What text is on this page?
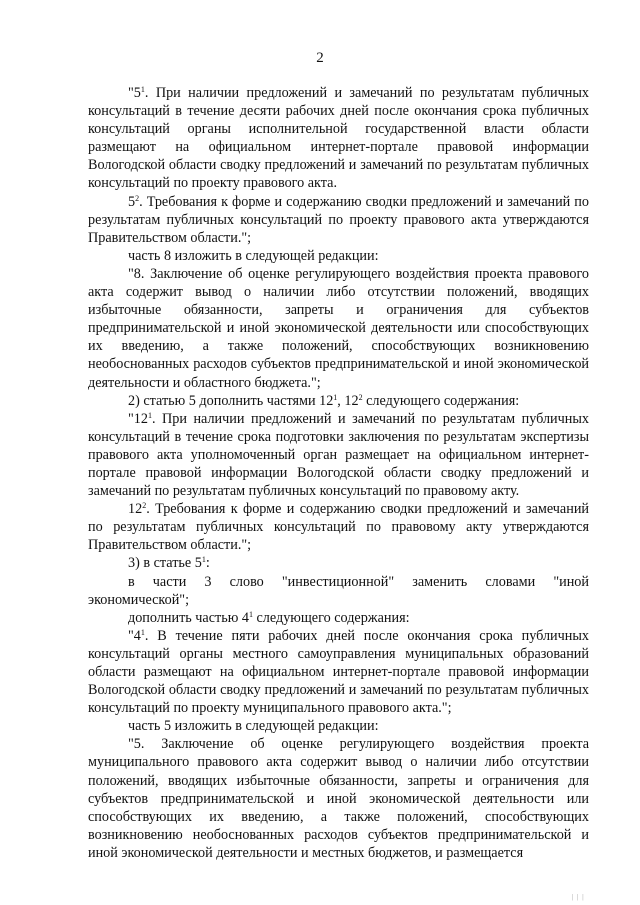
2

"$5^1$. При наличии предложений и замечаний по результатам публичных консультаций в течение десяти рабочих дней после окончания срока публичных консультаций органы исполнительной государственной власти области размещают на официальном интернет-портале правовой информации Вологодской области сводку предложений и замечаний по результатам публичных консультаций по проекту правового акта.

$5^2$. Требования к форме и содержанию сводки предложений и замечаний по результатам публичных консультаций по проекту правового акта утверждаются Правительством области.";

часть 8 изложить в следующей редакции:

"8. Заключение об оценке регулирующего воздействия проекта правового акта содержит вывод о наличии либо отсутствии положений, вводящих избыточные обязанности, запреты и ограничения для субъектов предпринимательской и иной экономической деятельности или способствующих их введению, а также положений, способствующих возникновению необоснованных расходов субъектов предпринимательской и иной экономической деятельности и областного бюджета.";

2) статью 5 дополнить частями $12^1$, $12^2$ следующего содержания:

"$12^1$. При наличии предложений и замечаний по результатам публичных консультаций в течение срока подготовки заключения по результатам экспертизы правового акта уполномоченный орган размещает на официальном интернет-портале правовой информации Вологодской области сводку предложений и замечаний по результатам публичных консультаций по правовому акту.

$12^2$. Требования к форме и содержанию сводки предложений и замечаний по результатам публичных консультаций по правовому акту утверждаются Правительством области.";

3) в статье $5^1$:

в части 3 слово "инвестиционной" заменить словами "иной экономической";

дополнить частью $4^1$ следующего содержания:

"$4^1$. В течение пяти рабочих дней после окончания срока публичных консультаций органы местного самоуправления муниципальных образований области размещают на официальном интернет-портале правовой информации Вологодской области сводку предложений и замечаний по результатам публичных консультаций по проекту муниципального правового акта.";

часть 5 изложить в следующей редакции:

"5. Заключение об оценке регулирующего воздействия проекта муниципального правового акта содержит вывод о наличии либо отсутствии положений, вводящих избыточные обязанности, запреты и ограничения для субъектов предпринимательской и иной экономической деятельности или способствующих их введению, а также положений, способствующих возникновению необоснованных расходов субъектов предпринимательской и иной экономической деятельности и местных бюджетов, и размещается

| | |
